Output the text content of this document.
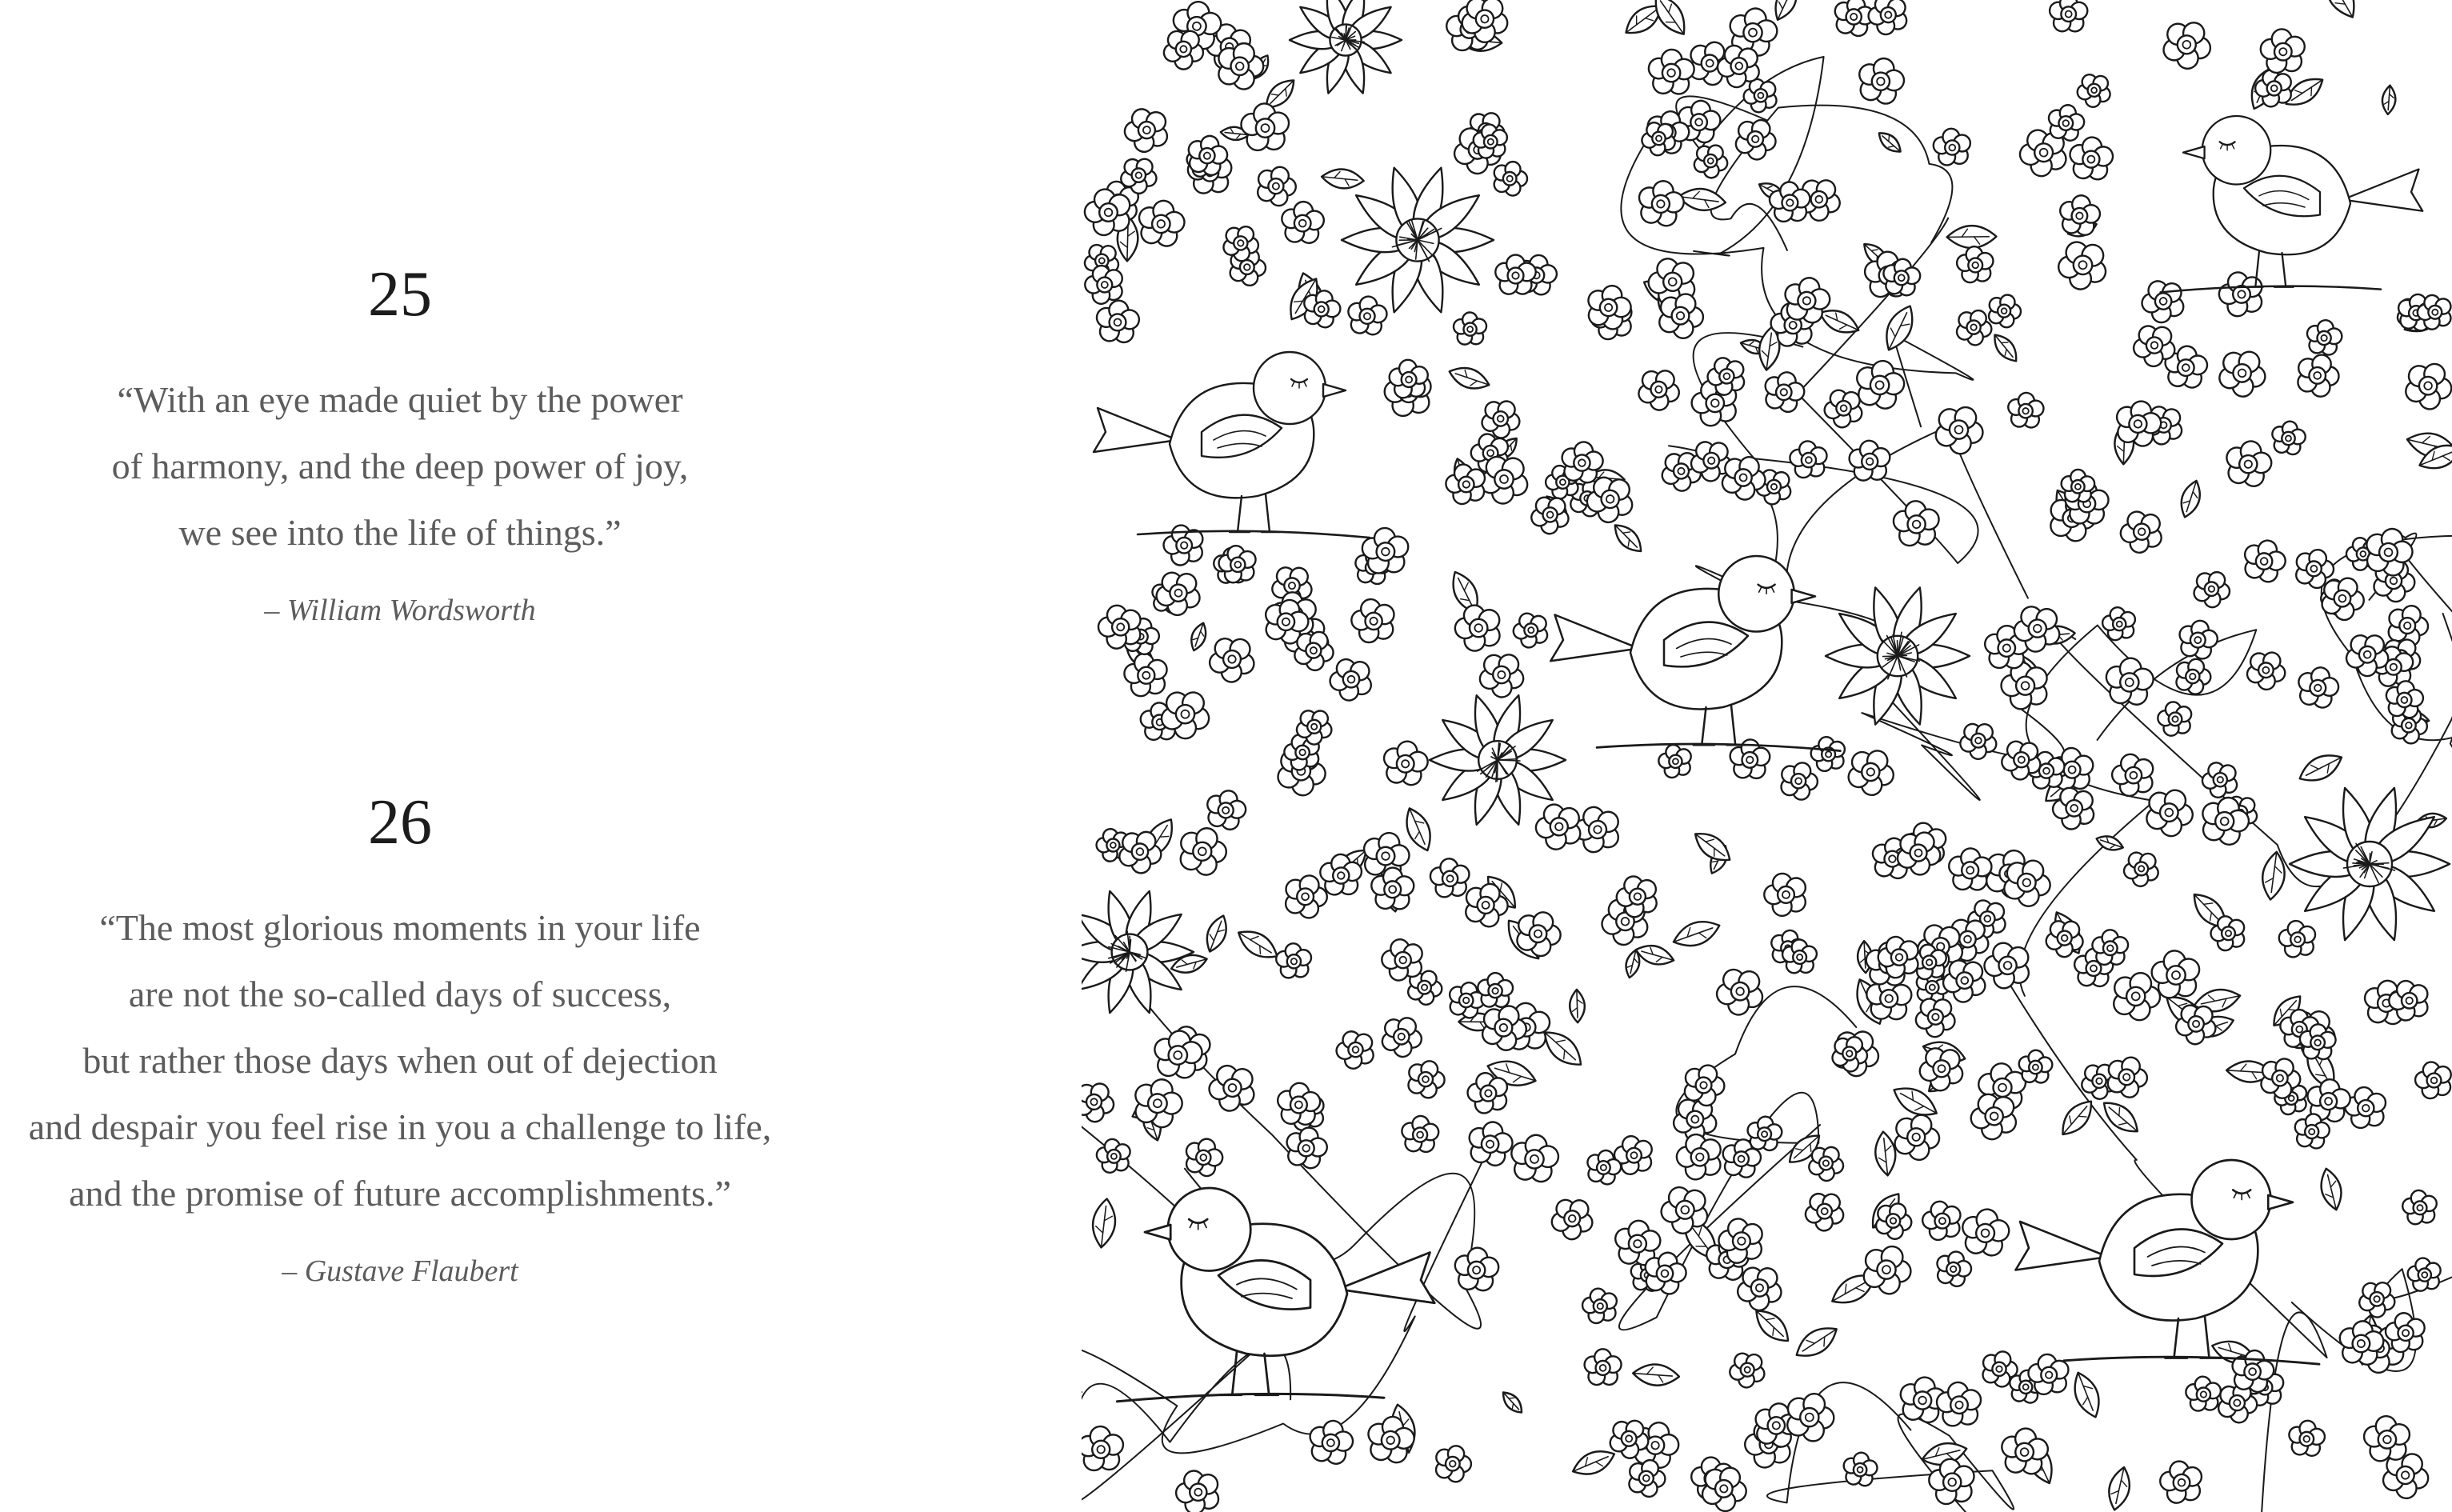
25
“With an eye made quiet by the power
of harmony, and the deep power of joy,
we see into the life of things.”
– William Wordsworth
26
“The most glorious moments in your life
are not the so-called days of success,
but rather those days when out of dejection
and despair you feel rise in you a challenge to life,
and the promise of future accomplishments.”
– Gustave Flaubert
